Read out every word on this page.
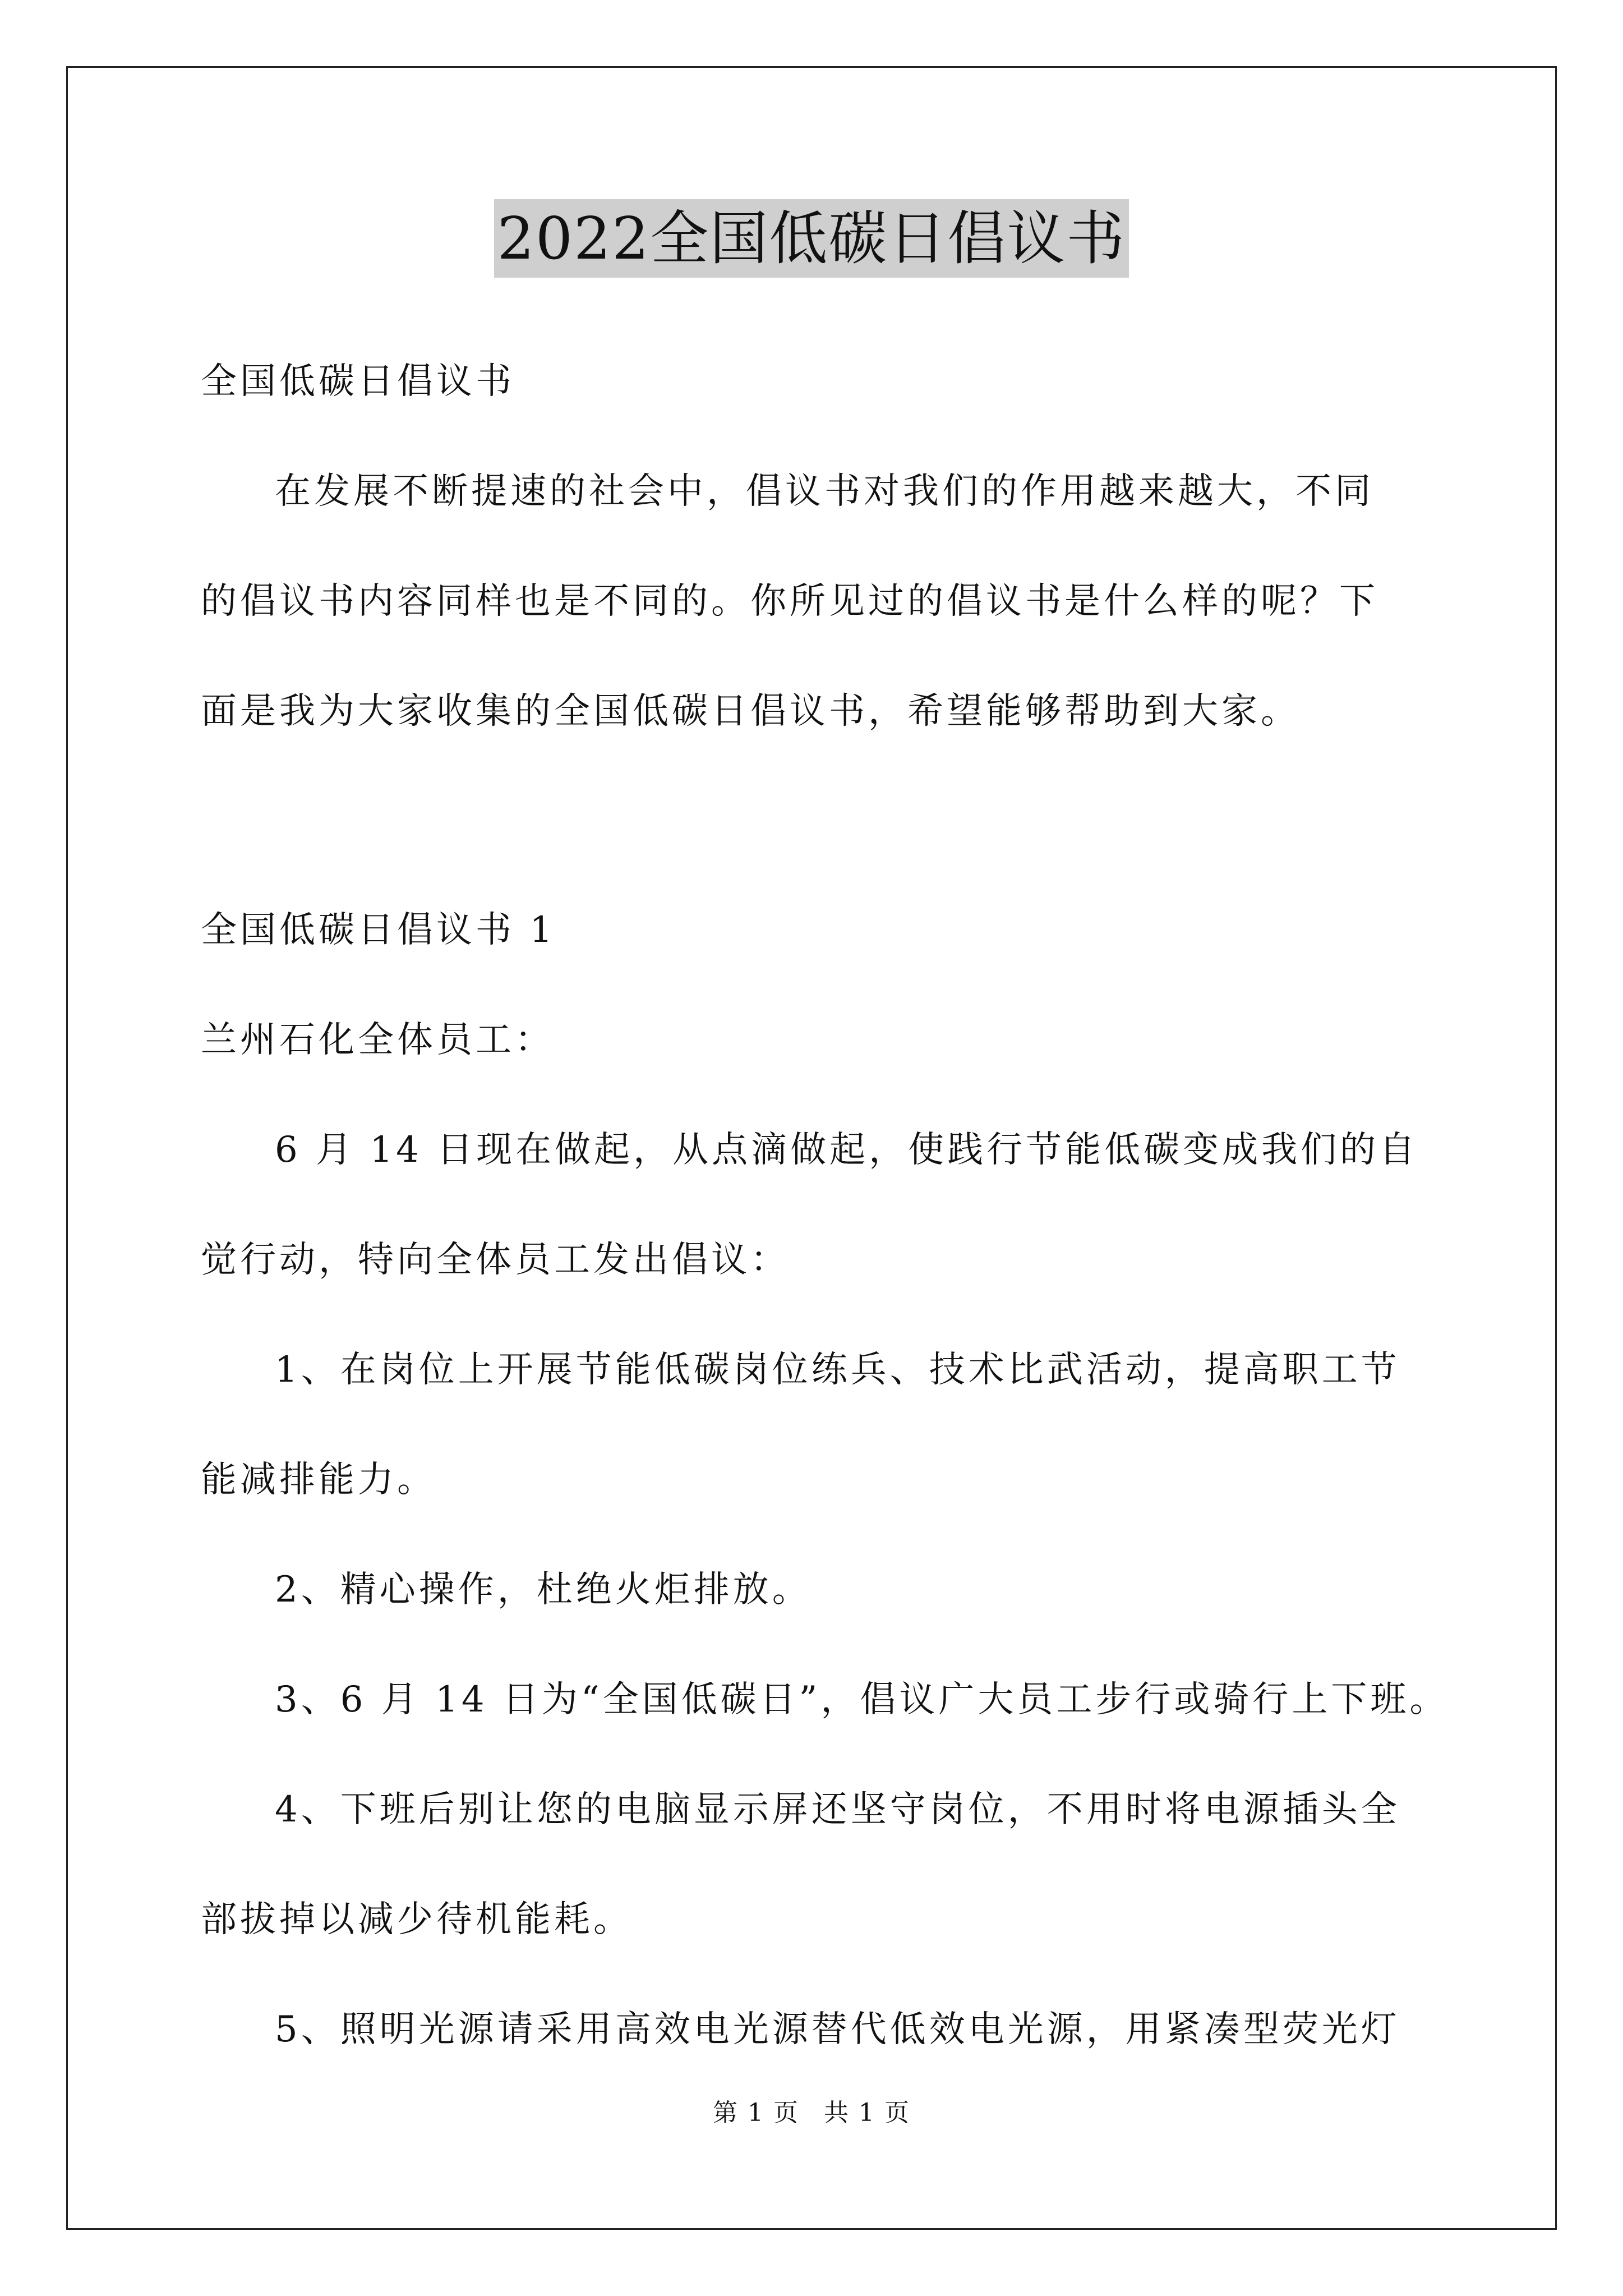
2022全国低碳日倡议书
全国低碳日倡议书
在发展不断提速的社会中，倡议书对我们的作用越来越大，不同
的倡议书内容同样也是不同的。你所见过的倡议书是什么样的呢？下
面是我为大家收集的全国低碳日倡议书，希望能够帮助到大家。
全国低碳日倡议书 1
兰州石化全体员工：
6 月 14 日现在做起，从点滴做起，使践行节能低碳变成我们的自
觉行动，特向全体员工发出倡议：
1、在岗位上开展节能低碳岗位练兵、技术比武活动，提高职工节
能减排能力。
2、精心操作，杜绝火炬排放。
3、6 月 14 日为“全国低碳日”，倡议广大员工步行或骑行上下班。
4、下班后别让您的电脑显示屏还坚守岗位，不用时将电源插头全
部拔掉以减少待机能耗。
5、照明光源请采用高效电光源替代低效电光源，用紧凑型荧光灯
第 1 页 共 1 页
